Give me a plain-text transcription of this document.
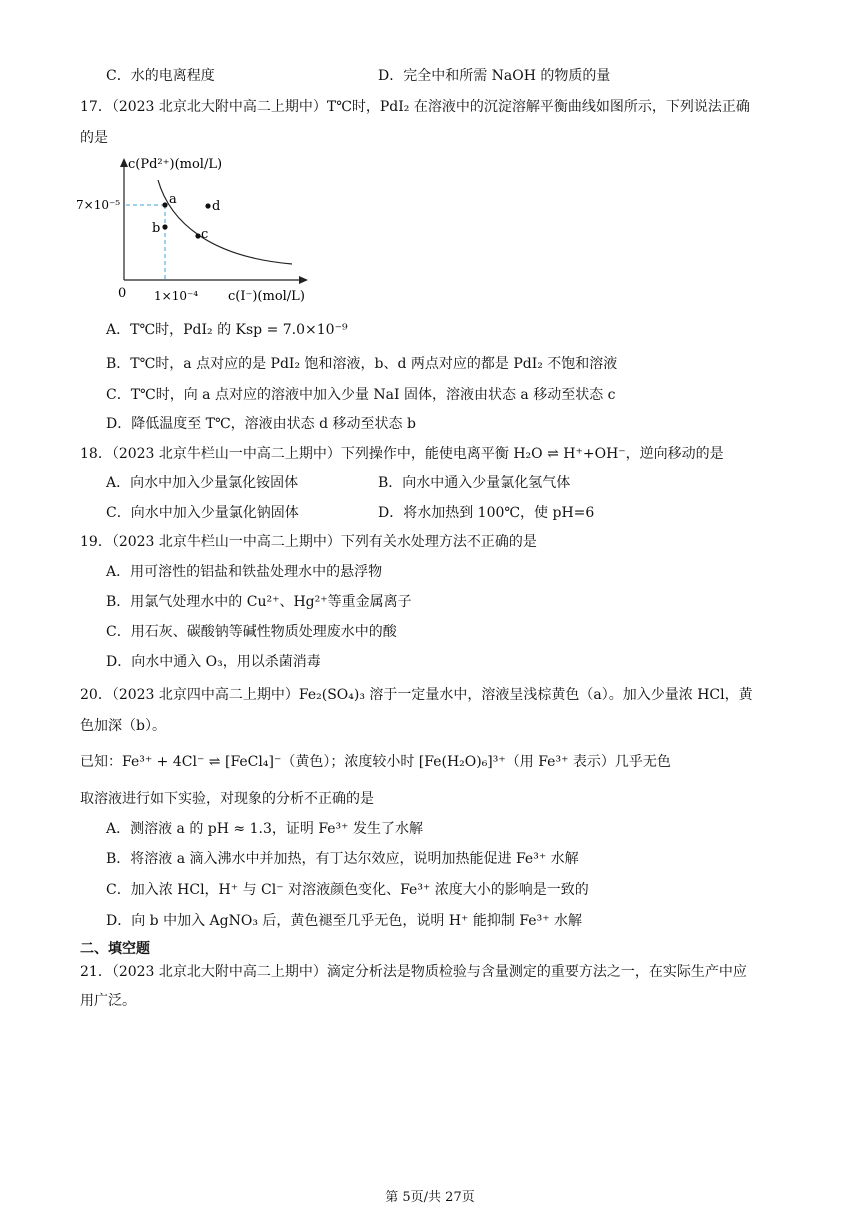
C．水的电离程度	D．完全中和所需 NaOH 的物质的量
17．（2023 北京北大附中高二上期中）T℃时，PdI₂ 在溶液中的沉淀溶解平衡曲线如图所示，下列说法正确
的是
a
b	c
d
c(Pd²⁺)(mol/L)
7×10⁻⁵
0 1×10⁻⁴ c(I⁻)(mol/L)
A．T℃时，PdI₂ 的 Ksp = 7.0×10⁻⁹
B．T℃时，a 点对应的是 PdI₂ 饱和溶液，b、d 两点对应的都是 PdI₂ 不饱和溶液
C．T℃时，向 a 点对应的溶液中加入少量 NaI 固体，溶液由状态 a 移动至状态 c
D．降低温度至 T℃，溶液由状态 d 移动至状态 b
18．（2023 北京牛栏山一中高二上期中）下列操作中，能使电离平衡 H₂O ⇌ H⁺+OH⁻，逆向移动的是
A．向水中加入少量氯化铵固体	B．向水中通入少量氯化氢气体
C．向水中加入少量氯化钠固体	D．将水加热到 100℃，使 pH=6
19．（2023 北京牛栏山一中高二上期中）下列有关水处理方法不正确的是
A．用可溶性的铝盐和铁盐处理水中的悬浮物
B．用氯气处理水中的 Cu²⁺、Hg²⁺等重金属离子
C．用石灰、碳酸钠等碱性物质处理废水中的酸
D．向水中通入 O₃，用以杀菌消毒
20．（2023 北京四中高二上期中）Fe₂(SO₄)₃ 溶于一定量水中，溶液呈浅棕黄色（a）。加入少量浓 HCl，黄
色加深（b）。
已知：Fe³⁺ + 4Cl⁻ ⇌ [FeCl₄]⁻（黄色）；浓度较小时 [Fe(H₂O)₆]³⁺（用 Fe³⁺ 表示）几乎无色
取溶液进行如下实验，对现象的分析不正确的是
A．测溶液 a 的 pH ≈ 1.3，证明 Fe³⁺ 发生了水解
B．将溶液 a 滴入沸水中并加热，有丁达尔效应，说明加热能促进 Fe³⁺ 水解
C．加入浓 HCl，H⁺ 与 Cl⁻ 对溶液颜色变化、Fe³⁺ 浓度大小的影响是一致的
D．向 b 中加入 AgNO₃ 后，黄色褪至几乎无色，说明 H⁺ 能抑制 Fe³⁺ 水解
二、填空题
21．（2023 北京北大附中高二上期中）滴定分析法是物质检验与含量测定的重要方法之一，在实际生产中应
用广泛。
第 5页/共 27页
